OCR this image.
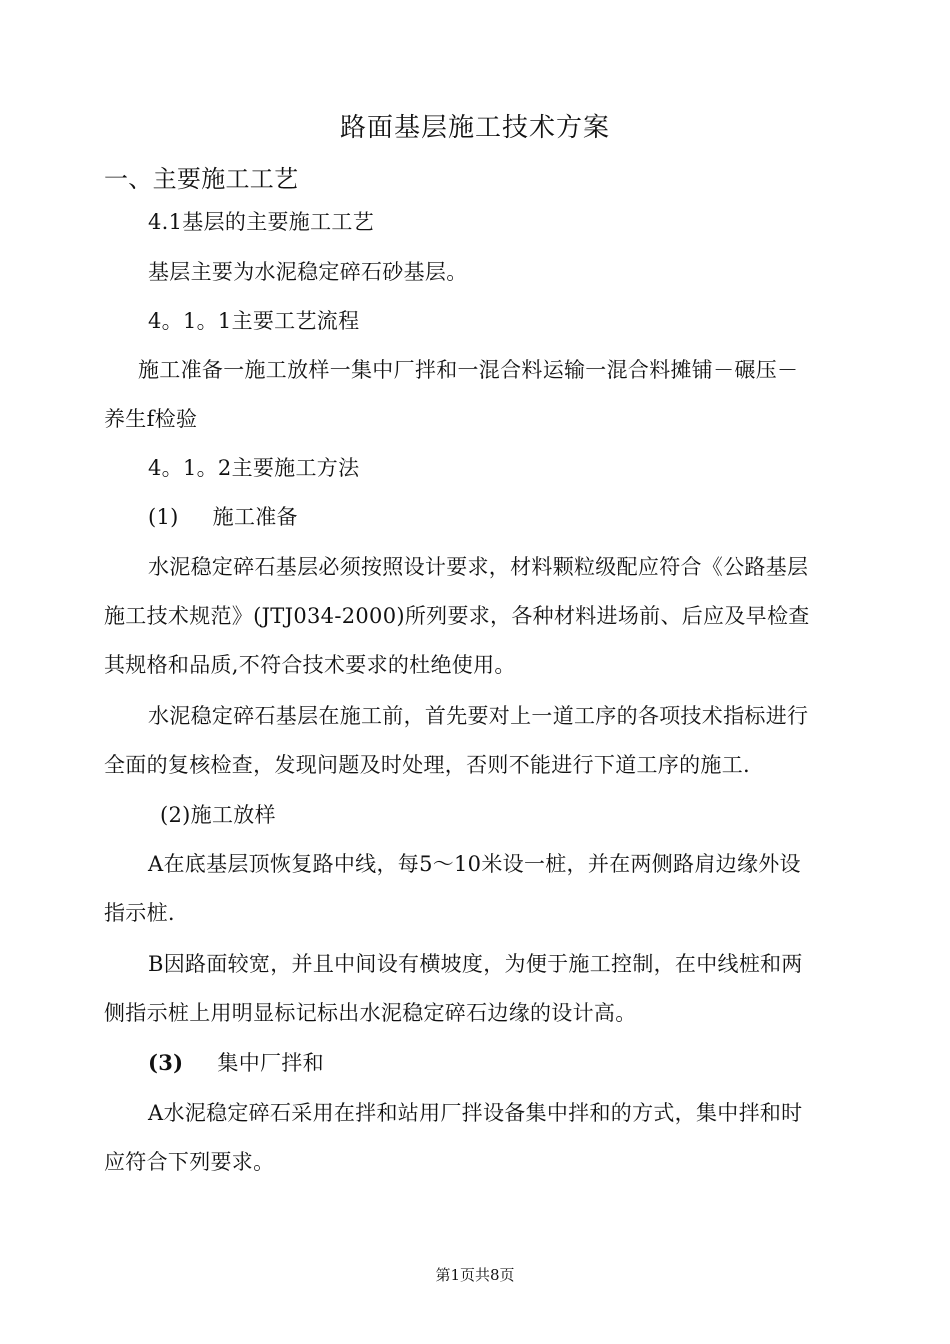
路面基层施工技术方案
一、主要施工工艺
4.1基层的主要施工工艺
基层主要为水泥稳定碎石砂基层。
4。1。1主要工艺流程
施工准备一施工放样一集中厂拌和一混合料运输一混合料摊铺－碾压－
养生f检验
4。1。2主要施工方法
(1) 施工准备
水泥稳定碎石基层必须按照设计要求，材料颗粒级配应符合《公路基层
施工技术规范》(JTJ034-2000)所列要求，各种材料进场前、后应及早检查
其规格和品质,不符合技术要求的杜绝使用。
水泥稳定碎石基层在施工前，首先要对上一道工序的各项技术指标进行
全面的复核检查，发现问题及时处理，否则不能进行下道工序的施工.
(2)施工放样
A在底基层顶恢复路中线，每5～10米设一桩，并在两侧路肩边缘外设
指示桩.
B因路面较宽，并且中间设有横坡度，为便于施工控制，在中线桩和两
侧指示桩上用明显标记标出水泥稳定碎石边缘的设计高。
(3) 集中厂拌和
A水泥稳定碎石采用在拌和站用厂拌设备集中拌和的方式，集中拌和时
应符合下列要求。
第1页共8页
